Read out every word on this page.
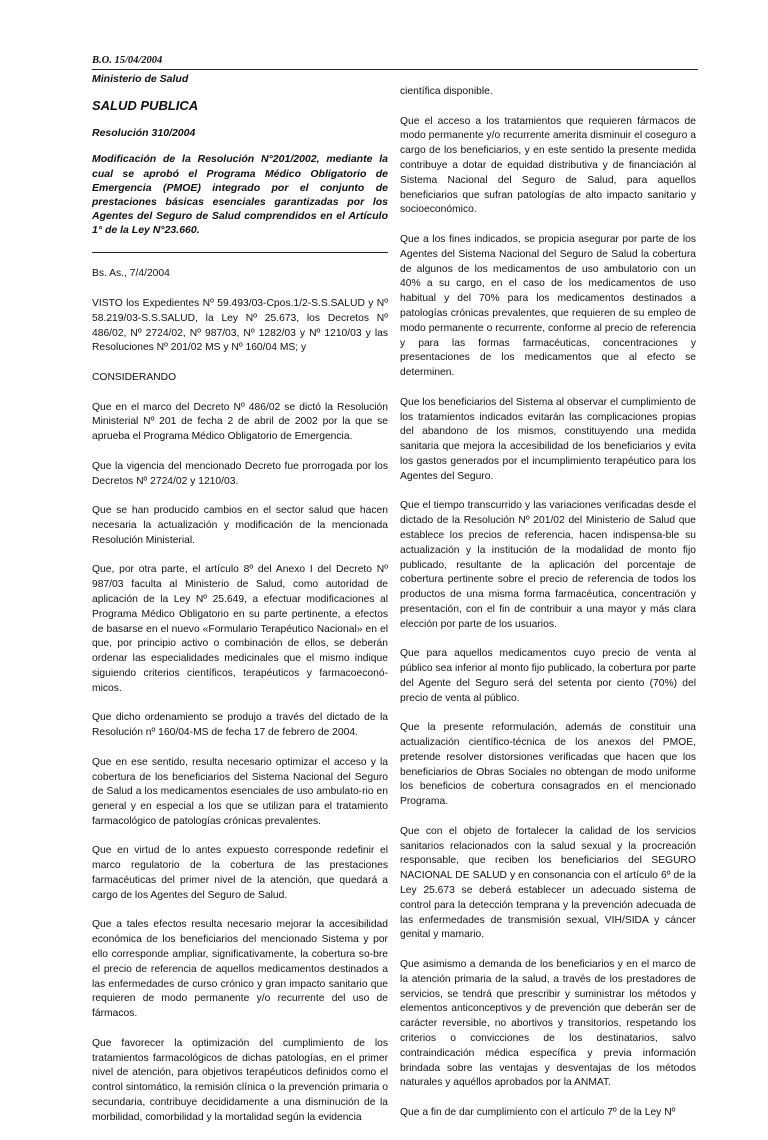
B.O. 15/04/2004

Ministerio de Salud

SALUD PUBLICA

Resolución 310/2004

Modificación de la Resolución N°201/2002, mediante la cual se aprobó el Programa Médico Obligatorio de Emergencia (PMOE) integrado por el conjunto de prestaciones básicas esenciales garantizadas por los Agentes del Seguro de Salud comprendidos en el Artículo 1° de la Ley N°23.660.

Bs. As., 7/4/2004

VISTO los Expedientes Nº 59.493/03-Cpos.1/2-S.S.SALUD y Nº 58.219/03-S.S.SALUD, la Ley Nº 25.673, los Decretos Nº 486/02, Nº 2724/02, Nº 987/03, Nº 1282/03 y Nº 1210/03 y las Resoluciones Nº 201/02 MS y Nº 160/04 MS; y

CONSIDERANDO

Que en el marco del Decreto Nº 486/02 se dictó la Resolución Ministerial Nº 201 de fecha 2 de abril de 2002 por la que se aprueba el Programa Médico Obligatorio de Emergencia.

Que la vigencia del mencionado Decreto fue prorrogada por los Decretos Nº 2724/02 y 1210/03.

Que se han producido cambios en el sector salud que hacen necesaria la actualización y modificación de la mencionada Resolución Ministerial.

Que, por otra parte, el artículo 8º del Anexo I del Decreto Nº 987/03 faculta al Ministerio de Salud, como autoridad de aplicación de la Ley Nº 25.649, a efectuar modificaciones al Programa Médico Obligatorio en su parte pertinente, a efectos de basarse en el nuevo «Formulario Terapéutico Nacional» en el que, por principio activo o combinación de ellos, se deberán ordenar las especialidades medicinales que el mismo indique siguiendo criterios científicos, terapéuticos y farmacoeconó-micos.

Que dicho ordenamiento se produjo a través del dictado de la Resolución nº 160/04-MS de fecha 17 de febrero de 2004.

Que en ese sentido, resulta necesario optimizar el acceso y la cobertura de los beneficiarios del Sistema Nacional del Seguro de Salud a los medicamentos esenciales de uso ambulato-rio en general y en especial a los que se utilizan para el tratamiento farmacológico de patologías crónicas prevalentes.

Que en virtud de lo antes expuesto corresponde redefinir el marco regulatorio de la cobertura de las prestaciones farmacéuticas del primer nivel de la atención, que quedará a cargo de los Agentes del Seguro de Salud.

Que a tales efectos resulta necesario mejorar la accesibilidad económica de los beneficiarios del mencionado Sistema y por ello corresponde ampliar, significativamente, la cobertura so-bre el precio de referencia de aquellos medicamentos destinados a las enfermedades de curso crónico y gran impacto sanitario que requieren de modo permanente y/o recurrente del uso de fármacos.

Que favorecer la optimización del cumplimiento de los tratamientos farmacológicos de dichas patologías, en el primer nivel de atención, para objetivos terapéuticos definidos como el control sintomático, la remisión clínica o la prevención primaria o secundaria, contribuye decididamente a una disminución de la morbilidad, comorbilidad y la mortalidad según la evidencia

científica disponible.

Que el acceso a los tratamientos que requieren fármacos de modo permanente y/o recurrente amerita disminuir el coseguro a cargo de los beneficiarios, y en este sentido la presente medida contribuye a dotar de equidad distributiva y de financiación al Sistema Nacional del Seguro de Salud, para aquellos beneficiarios que sufran patologías de alto impacto sanitario y socioeconómico.

Que a los fines indicados, se propicia asegurar por parte de los Agentes del Sistema Nacional del Seguro de Salud la cobertura de algunos de los medicamentos de uso ambulatorio con un 40% a su cargo, en el caso de los medicamentos de uso habitual y del 70% para los medicamentos destinados a patologías crónicas prevalentes, que requieren de su empleo de modo permanente o recurrente, conforme al precio de referencia y para las formas farmacéuticas, concentraciones y presentaciones de los medicamentos que al efecto se determinen.

Que los beneficiarios del Sistema al observar el cumplimiento de los tratamientos indicados evitarán las complicaciones propias del abandono de los mismos, constituyendo una medida sanitaria que mejora la accesibilidad de los beneficiarios y evita los gastos generados por el incumplimiento terapéutico para los Agentes del Seguro.

Que el tiempo transcurrido y las variaciones verificadas desde el dictado de la Resolución Nº 201/02 del Ministerio de Salud que establece los precios de referencia, hacen indispensa-ble su actualización y la institución de la modalidad de monto fijo publicado, resultante de la aplicación del porcentaje de cobertura pertinente sobre el precio de referencia de todos los productos de una misma forma farmacéutica, concentración y presentación, con el fin de contribuir a una mayor y más clara elección por parte de los usuarios.

Que para aquellos medicamentos cuyo precio de venta al público sea inferior al monto fijo publicado, la cobertura por parte del Agente del Seguro será del setenta por ciento (70%) del precio de venta al público.

Que la presente reformulación, además de constituir una actualización científico-técnica de los anexos del PMOE, pretende resolver distorsiones verificadas que hacen que los beneficiarios de Obras Sociales no obtengan de modo uniforme los beneficios de cobertura consagrados en el mencionado Programa.

Que con el objeto de fortalecer la calidad de los servicios sanitarios relacionados con la salud sexual y la procreación responsable, que reciben los beneficiarios del SEGURO NACIONAL DE SALUD y en consonancia con el artículo 6º de la Ley 25.673 se deberá establecer un adecuado sistema de control para la detección temprana y la prevención adecuada de las enfermedades de transmisión sexual, VIH/SIDA y cáncer genital y mamario.

Que asimismo a demanda de los beneficiarios y en el marco de la atención primaria de la salud, a través de los prestadores de servicios, se tendrá que prescribir y suministrar los métodos y elementos anticonceptivos y de prevención que deberán ser de carácter reversible, no abortivos y transitorios, respetando los criterios o convicciones de los destinatarios, salvo contraindicación médica específica y previa información brindada sobre las ventajas y desventajas de los métodos naturales y aquéllos aprobados por la ANMAT.

Que a fin de dar cumplimiento con el artículo 7º de la Ley Nº
